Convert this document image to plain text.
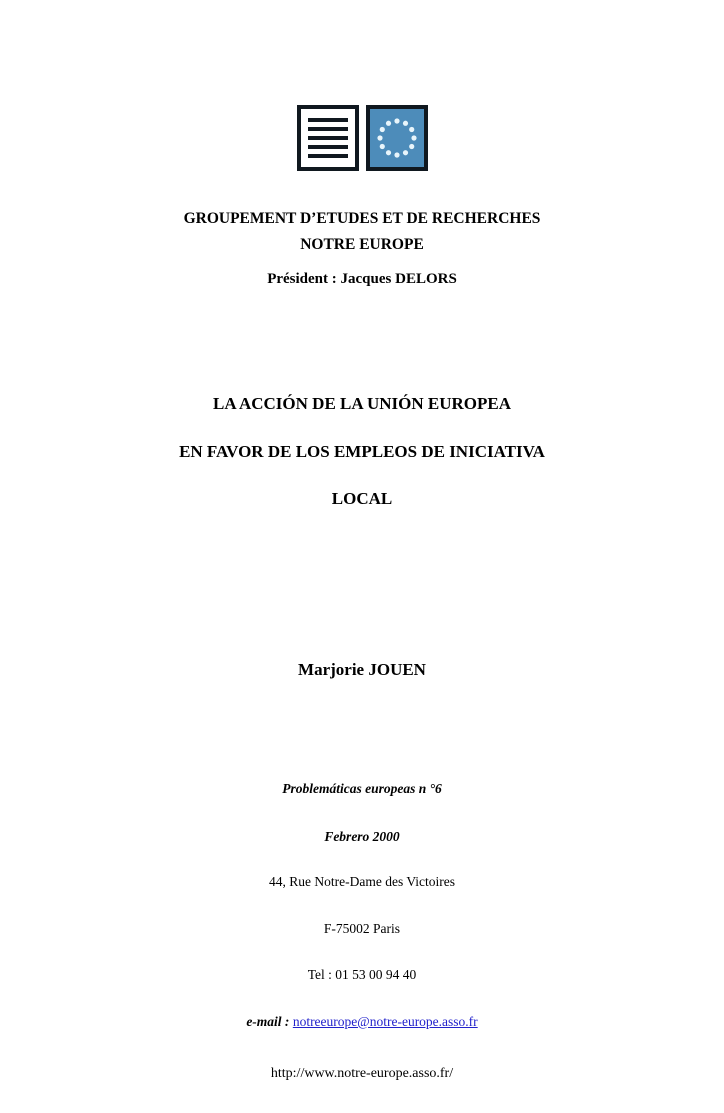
GROUPEMENT D’ETUDES ET DE RECHERCHES
NOTRE EUROPE
Président : Jacques DELORS
LA ACCIÓN DE LA UNIÓN EUROPEA
EN FAVOR DE LOS EMPLEOS DE INICIATIVA
LOCAL
Marjorie JOUEN

Problemáticas europeas n °6

Febrero 2000

44, Rue Notre-Dame des Victoires

F-75002 Paris

Tel : 01 53 00 94 40

e-mail : notreeurope@notre-europe.asso.fr

http://www.notre-europe.asso.fr/
